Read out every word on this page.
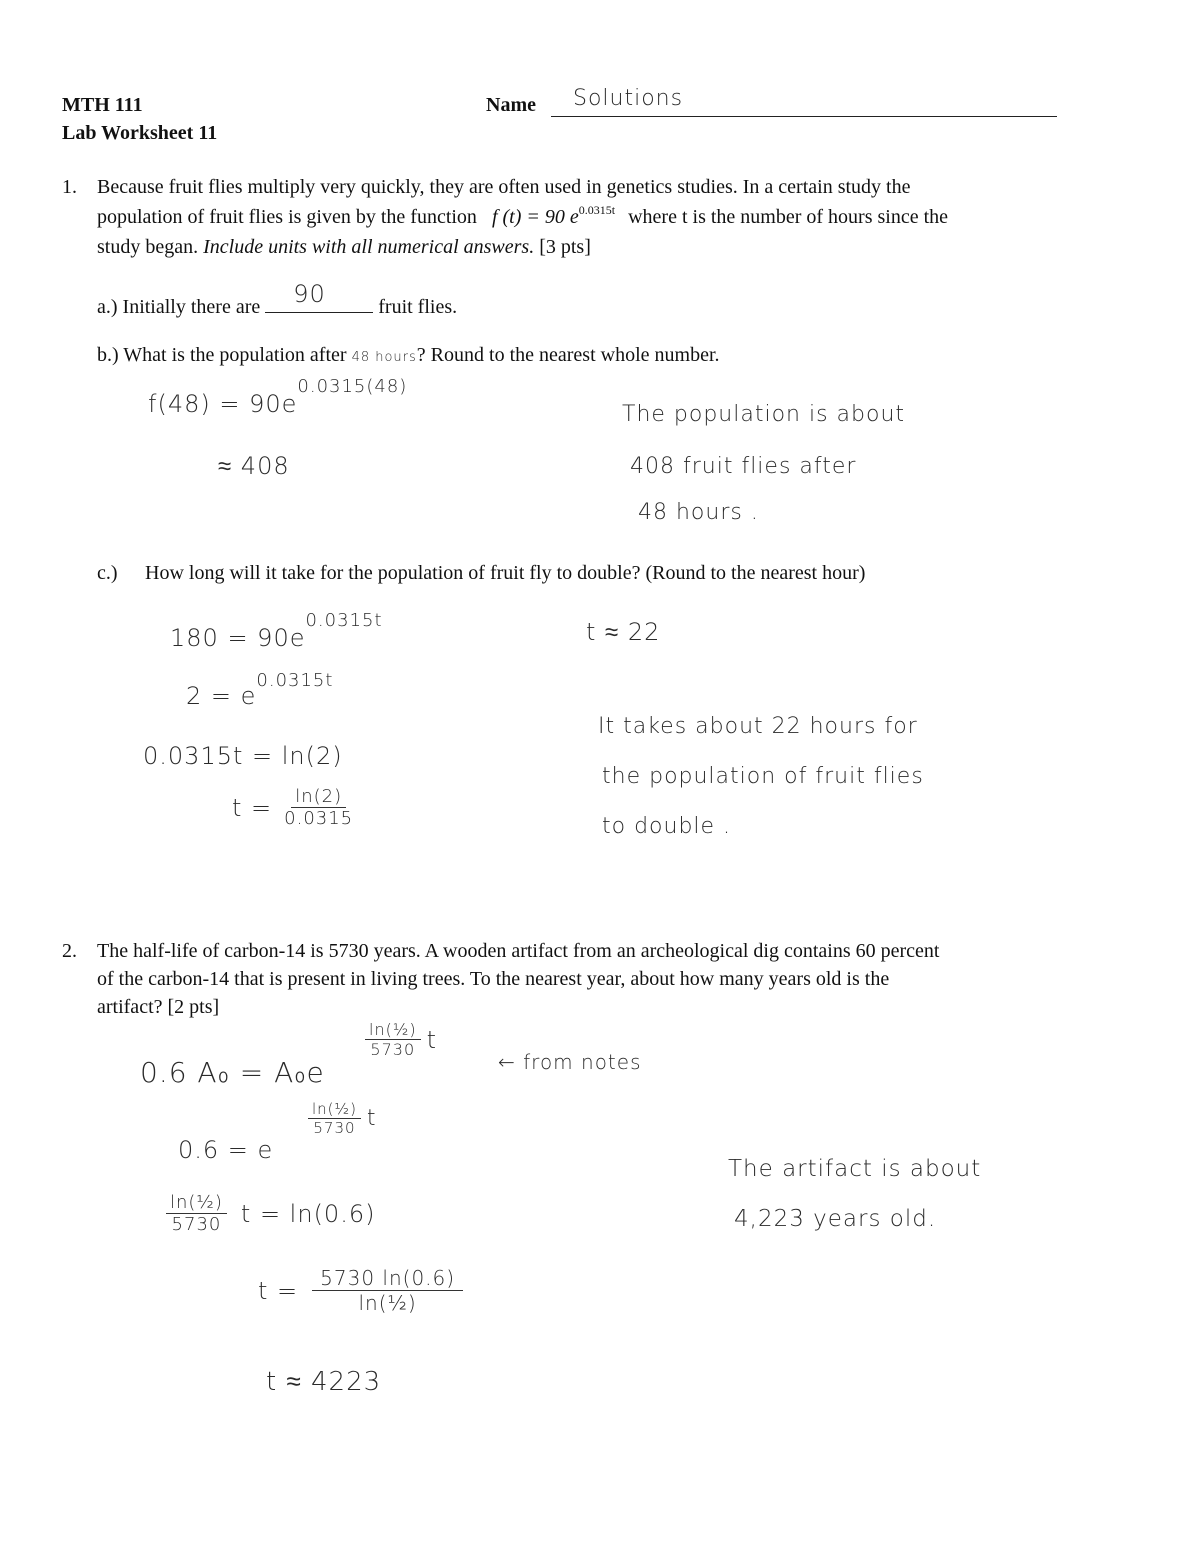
MTH 111
Lab Worksheet 11
Name Solutions
1. Because fruit flies multiply very quickly, they are often used in genetics studies. In a certain study the
population of fruit flies is given by the function f (t) = 90 $e^{0.0315t}$ where t is the number of hours since the
study began. Include units with all numerical answers. [3 pts]
a.) Initially there are 90	fruit flies.
b.) What is the population after 48 hours? Round to the nearest whole number.
$f(48) = 90e^{0.0315(48)}$
≈ 408
The population is about
408 fruit flies after
48 hours .
c.) How long will it take for the population of fruit fly to double? (Round to the nearest hour)
$180 = 90e^{0.0315t}$
$2 = e^{0.0315t}$
0.0315t = ln(2)
$t = \frac{\ln(2)}{0.0315}$
t ≈ 22
It takes about 22 hours for
the population of fruit flies
to double .
2. The half-life of carbon-14 is 5730 years. A wooden artifact from an archeological dig contains 60 percent
of the carbon-14 that is present in living trees. To the nearest year, about how many years old is the
artifact? [2 pts]
0.6 A₀ = A₀e
$\frac{\text{ln(½)}}{5730}$ t
← from notes
0.6 = e
$\frac{\text{ln(½)}}{5730}$ t
$\frac{\text{ln(½)}}{5730}$ t = ln(0.6)
$t = \frac{5730 \ln(0.6)}{\text{ln(½)}}$
t ≈ 4223
The artifact is about
4,223 years old.
